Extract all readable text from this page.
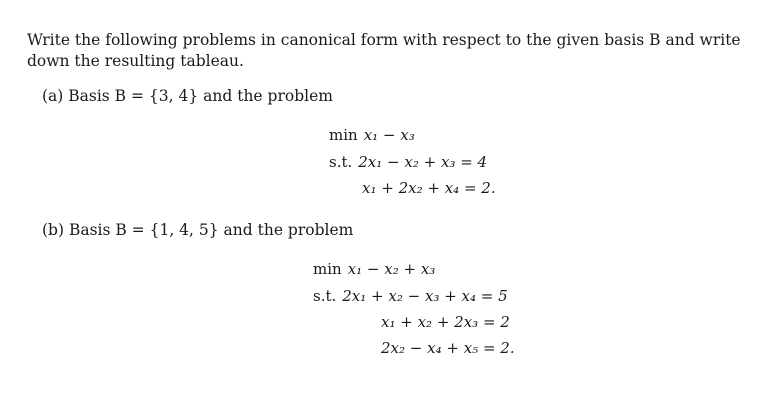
Write the following problems in canonical form with respect to the given basis B and write down the resulting tableau.
(a) Basis B = {3, 4} and the problem
min x₁ − x₃
s.t. 2x₁ − x₂ + x₃ = 4
x₁ + 2x₂ + x₄ = 2.
(b) Basis B = {1, 4, 5} and the problem
min x₁ − x₂ + x₃
s.t. 2x₁ + x₂ − x₃ + x₄ = 5
x₁ + x₂ + 2x₃ = 2
2x₂ − x₄ + x₅ = 2.
